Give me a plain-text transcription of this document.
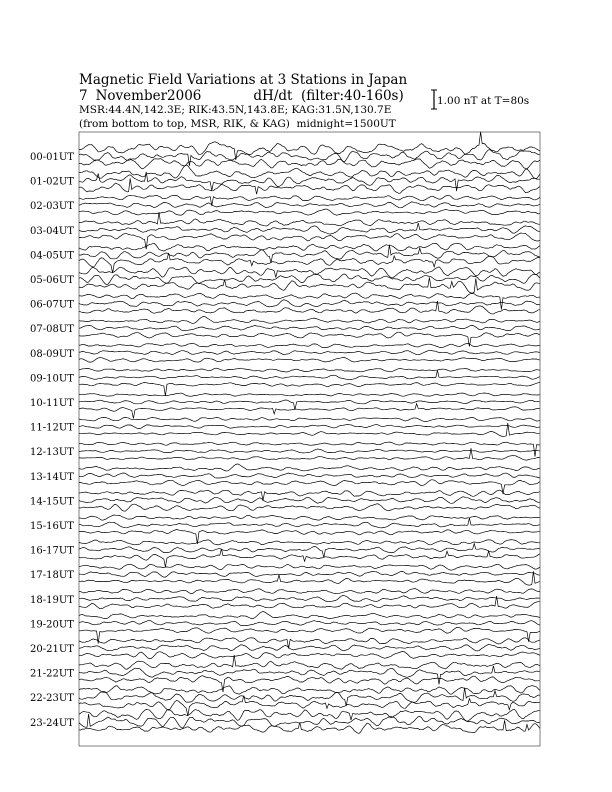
Magnetic Field Variations at 3 Stations in Japan
7 November2006	dH/dt (filter:40-160s)
MSR:44.4N,142.3E; RIK:43.5N,143.8E; KAG:31.5N,130.7E
(from bottom to top, MSR, RIK, & KAG) midnight=1500UT
1.00 nT at T=80s
00-01UT
01-02UT
02-03UT
03-04UT
04-05UT
05-06UT
06-07UT
07-08UT
08-09UT
09-10UT
10-11UT
11-12UT
12-13UT
13-14UT
14-15UT
15-16UT
16-17UT
17-18UT
18-19UT
19-20UT
20-21UT
21-22UT
22-23UT
23-24UT
